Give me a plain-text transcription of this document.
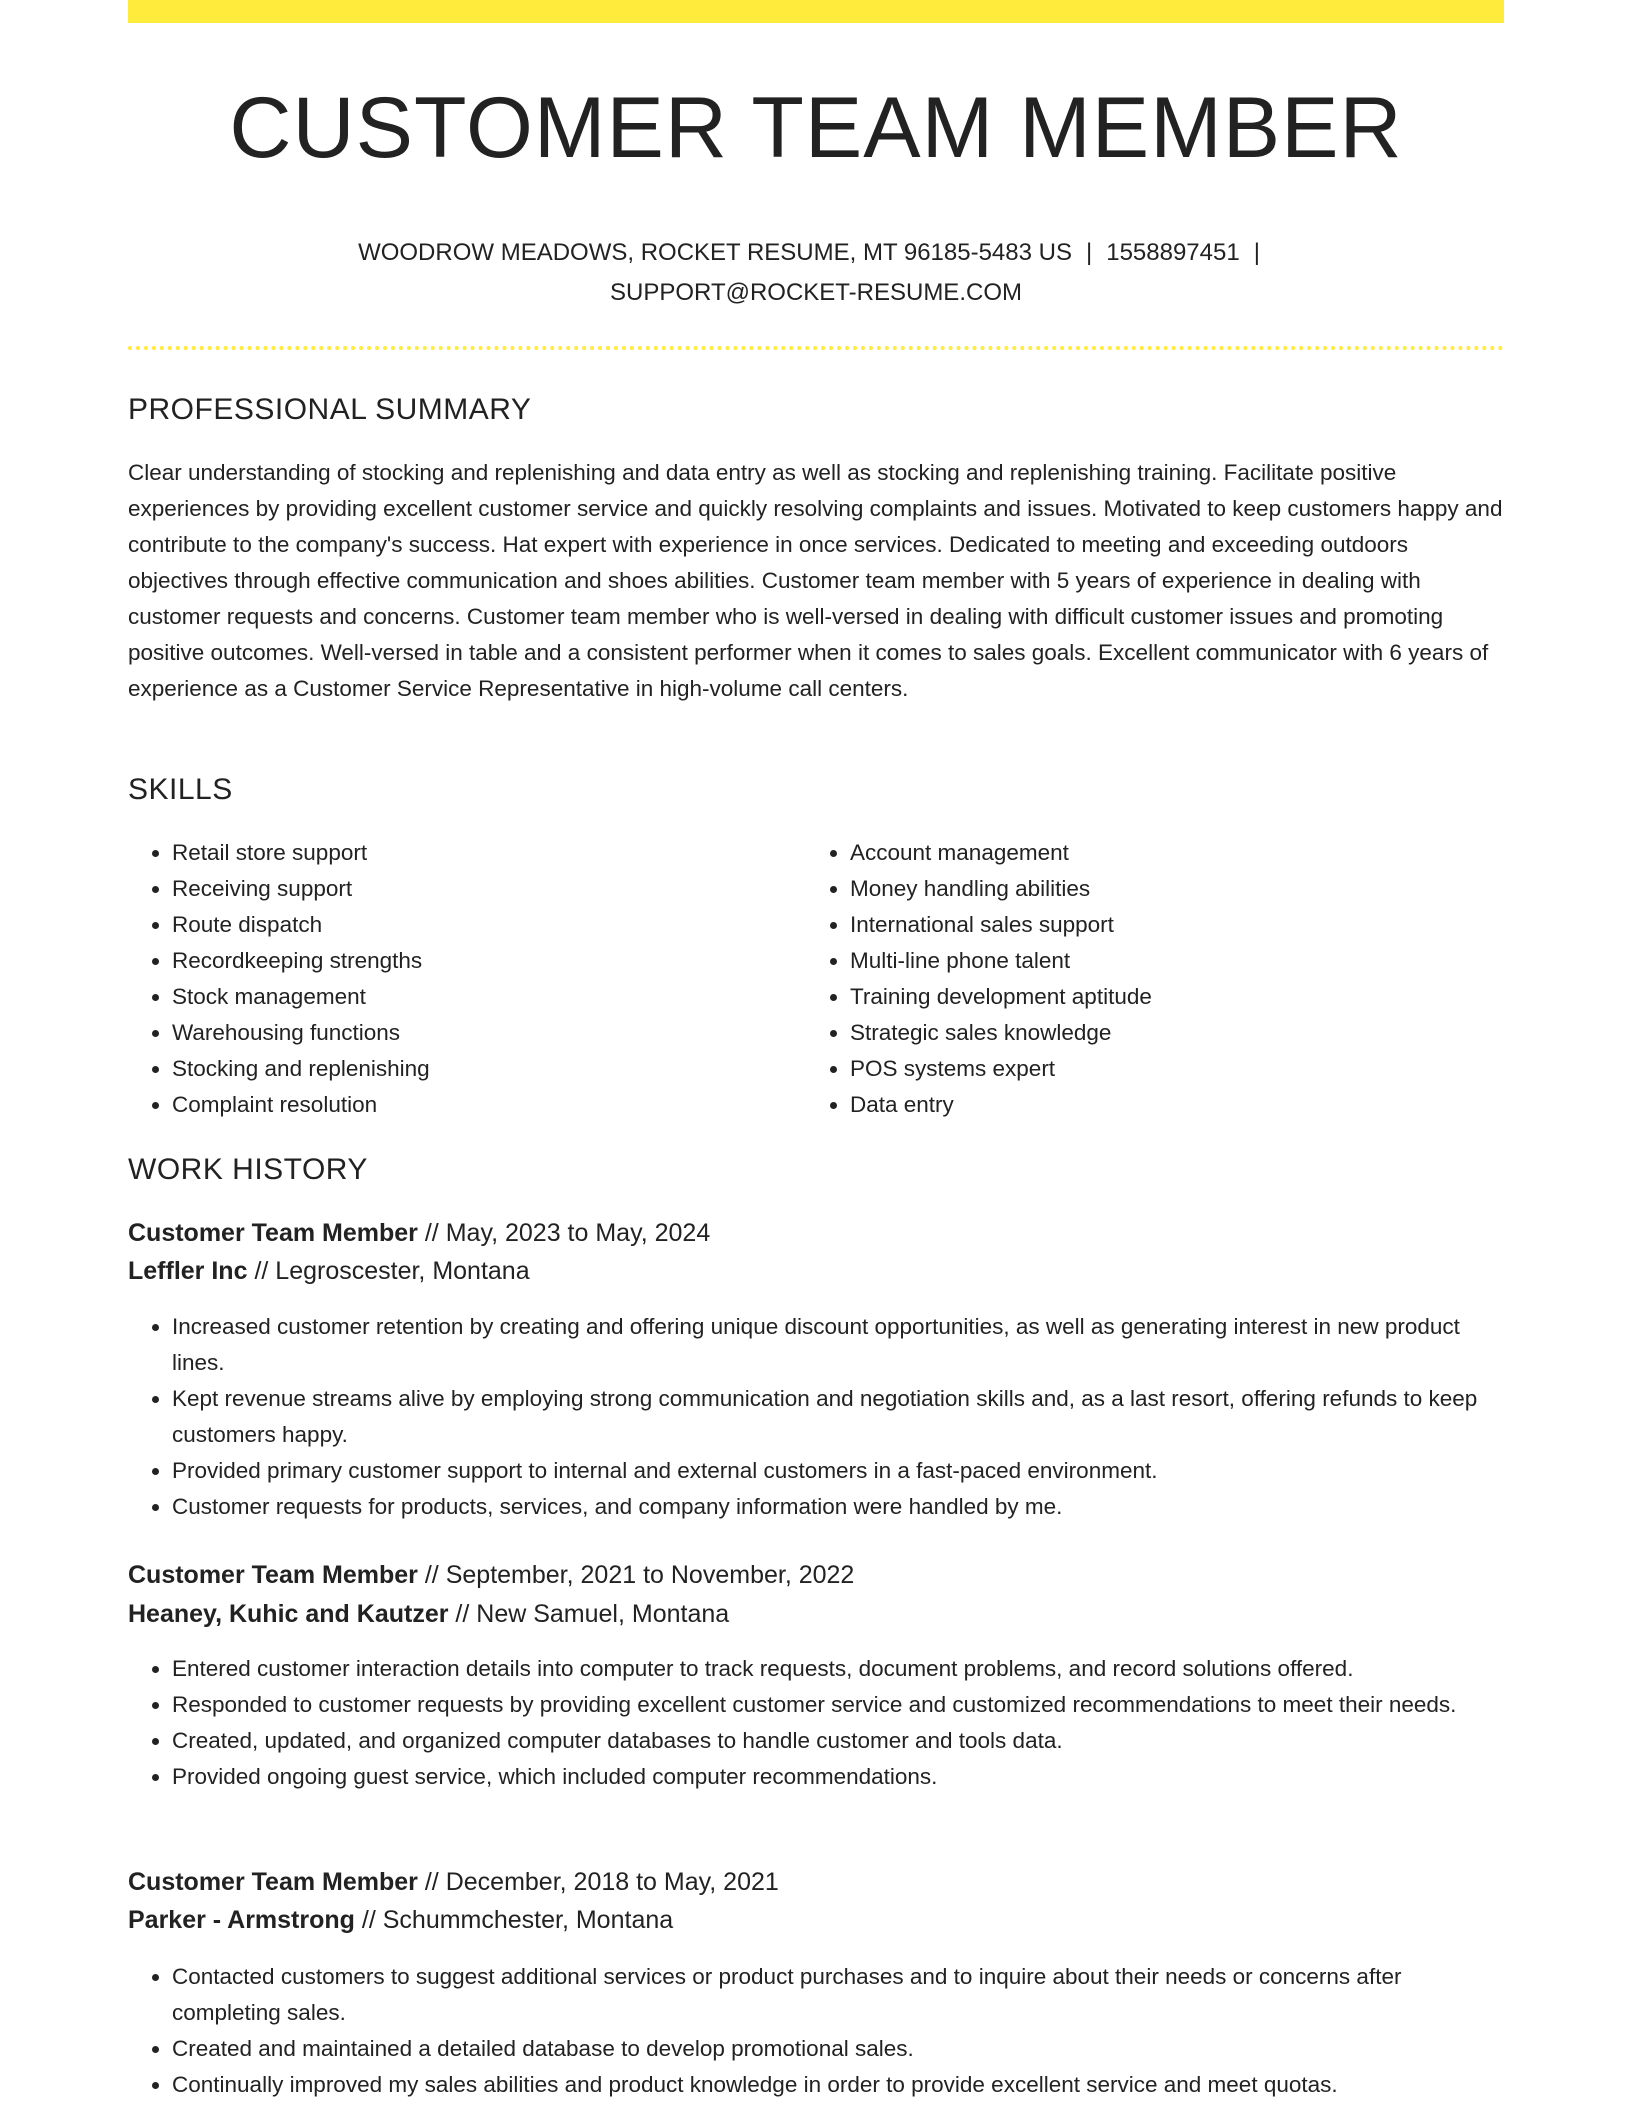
CUSTOMER TEAM MEMBER
WOODROW MEADOWS, ROCKET RESUME, MT 96185-5483 US | 1558897451 |
SUPPORT@ROCKET-RESUME.COM
PROFESSIONAL SUMMARY
Clear understanding of stocking and replenishing and data entry as well as stocking and replenishing training. Facilitate positive experiences by providing excellent customer service and quickly resolving complaints and issues. Motivated to keep customers happy and contribute to the company's success. Hat expert with experience in once services. Dedicated to meeting and exceeding outdoors objectives through effective communication and shoes abilities. Customer team member with 5 years of experience in dealing with customer requests and concerns. Customer team member who is well-versed in dealing with difficult customer issues and promoting positive outcomes. Well-versed in table and a consistent performer when it comes to sales goals. Excellent communicator with 6 years of experience as a Customer Service Representative in high-volume call centers.
SKILLS
• Retail store support
• Receiving support
• Route dispatch
• Recordkeeping strengths
• Stock management
• Warehousing functions
• Stocking and replenishing
• Complaint resolution
• Account management
• Money handling abilities
• International sales support
• Multi-line phone talent
• Training development aptitude
• Strategic sales knowledge
• POS systems expert
• Data entry
WORK HISTORY
Customer Team Member // May, 2023 to May, 2024
Leffler Inc // Legroscester, Montana
• Increased customer retention by creating and offering unique discount opportunities, as well as generating interest in new product lines.
• Kept revenue streams alive by employing strong communication and negotiation skills and, as a last resort, offering refunds to keep customers happy.
• Provided primary customer support to internal and external customers in a fast-paced environment.
• Customer requests for products, services, and company information were handled by me.
Customer Team Member // September, 2021 to November, 2022
Heaney, Kuhic and Kautzer // New Samuel, Montana
• Entered customer interaction details into computer to track requests, document problems, and record solutions offered.
• Responded to customer requests by providing excellent customer service and customized recommendations to meet their needs.
• Created, updated, and organized computer databases to handle customer and tools data.
• Provided ongoing guest service, which included computer recommendations.
Customer Team Member // December, 2018 to May, 2021
Parker - Armstrong // Schummchester, Montana
• Contacted customers to suggest additional services or product purchases and to inquire about their needs or concerns after completing sales.
• Created and maintained a detailed database to develop promotional sales.
• Continually improved my sales abilities and product knowledge in order to provide excellent service and meet quotas.
